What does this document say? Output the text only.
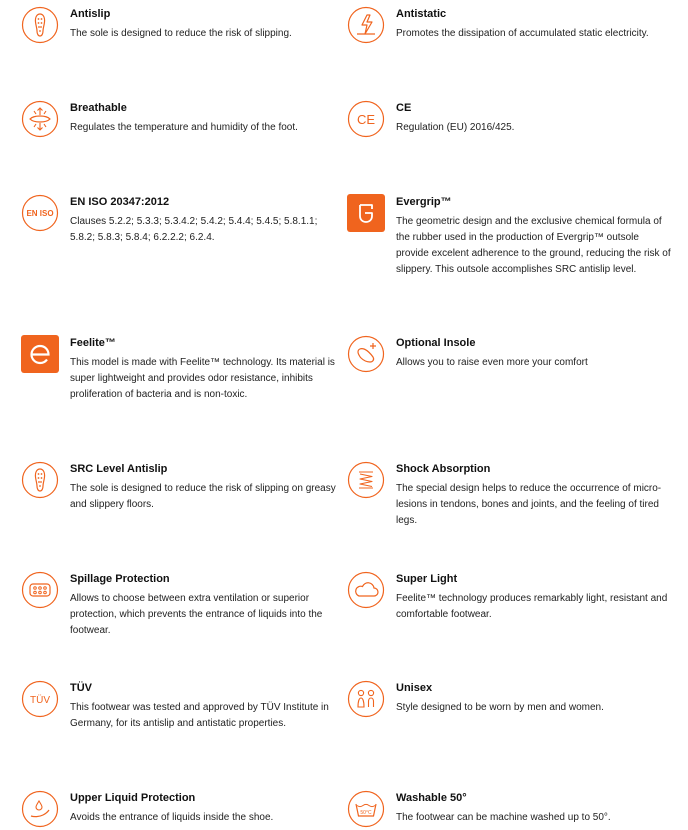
Antislip

The sole is designed to reduce the risk of slipping.

Antistatic

Promotes the dissipation of accumulated static electricity.

Breathable

Regulates the temperature and humidity of the foot.

CE

CE

Regulation (EU) 2016/425.

EN ISO

EN ISO 20347:2012

Clauses 5.2.2; 5.3.3; 5.3.4.2; 5.4.2; 5.4.4; 5.4.5; 5.8.1.1; 5.8.2; 5.8.3; 5.8.4; 6.2.2.2; 6.2.4.

Evergrip™

The geometric design and the exclusive chemical formula of the rubber used in the production of Evergrip™ outsole provide excelent adherence to the ground, reducing the risk of slippery. This outsole accomplishes SRC antislip level.

Feelite™

This model is made with Feelite™ technology. Its material is super lightweight and provides odor resistance, inhibits proliferation of bacteria and is non-toxic.

Optional Insole

Allows you to raise even more your comfort

SRC Level Antislip

The sole is designed to reduce the risk of slipping on greasy and slippery floors.

Shock Absorption

The special design helps to reduce the occurrence of micro-lesions in tendons, bones and joints, and the feeling of tired legs.

Spillage Protection

Allows to choose between extra ventilation or superior protection, which prevents the entrance of liquids into the footwear.

Super Light

Feelite™ technology produces remarkably light, resistant and comfortable footwear.

TÜV

TÜV

This footwear was tested and approved by TÜV Institute in Germany, for its antislip and antistatic properties.

Unisex

Style designed to be worn by men and women.

Upper Liquid Protection

Avoids the entrance of liquids inside the shoe.	50°C

Washable 50°

The footwear can be machine washed up to 50°.
